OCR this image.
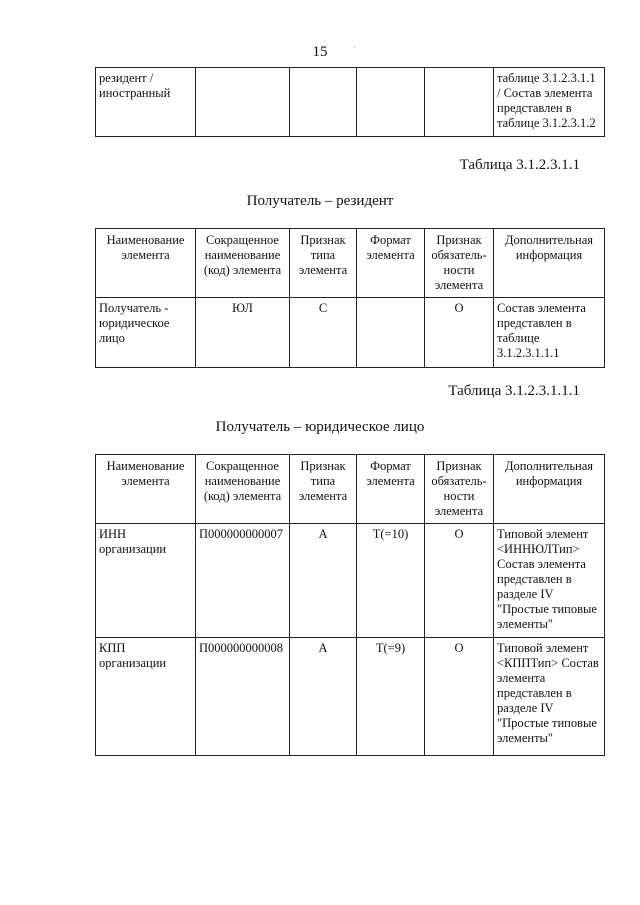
15	ˈ
резидент / иностранный					таблице 3.1.2.3.1.1 / Состав элемента представлен в таблице 3.1.2.3.1.2
Таблица 3.1.2.3.1.1
Получатель – резидент
Наименование элемента	Сокращенное наименование (код) элемента	Признак типа элемента	Формат элемента	Признак обязатель-ности элемента	Дополнительная информация
Получатель - юридическое лицо	ЮЛ	С		О	Состав элемента представлен в таблице 3.1.2.3.1.1.1
Таблица 3.1.2.3.1.1.1
Получатель – юридическое лицо
Наименование элемента	Сокращенное наименование (код) элемента	Признак типа элемента	Формат элемента	Признак обязатель-ности элемента	Дополнительная информация
ИНН организации	П000000000007	А	Т(=10)	О	Типовой элемент <ИННЮЛТип> Состав элемента представлен в разделе IV "Простые типовые элементы"
КПП организации	П000000000008	А	Т(=9)	О	Типовой элемент <КППТип> Состав элемента представлен в разделе IV "Простые типовые элементы"
